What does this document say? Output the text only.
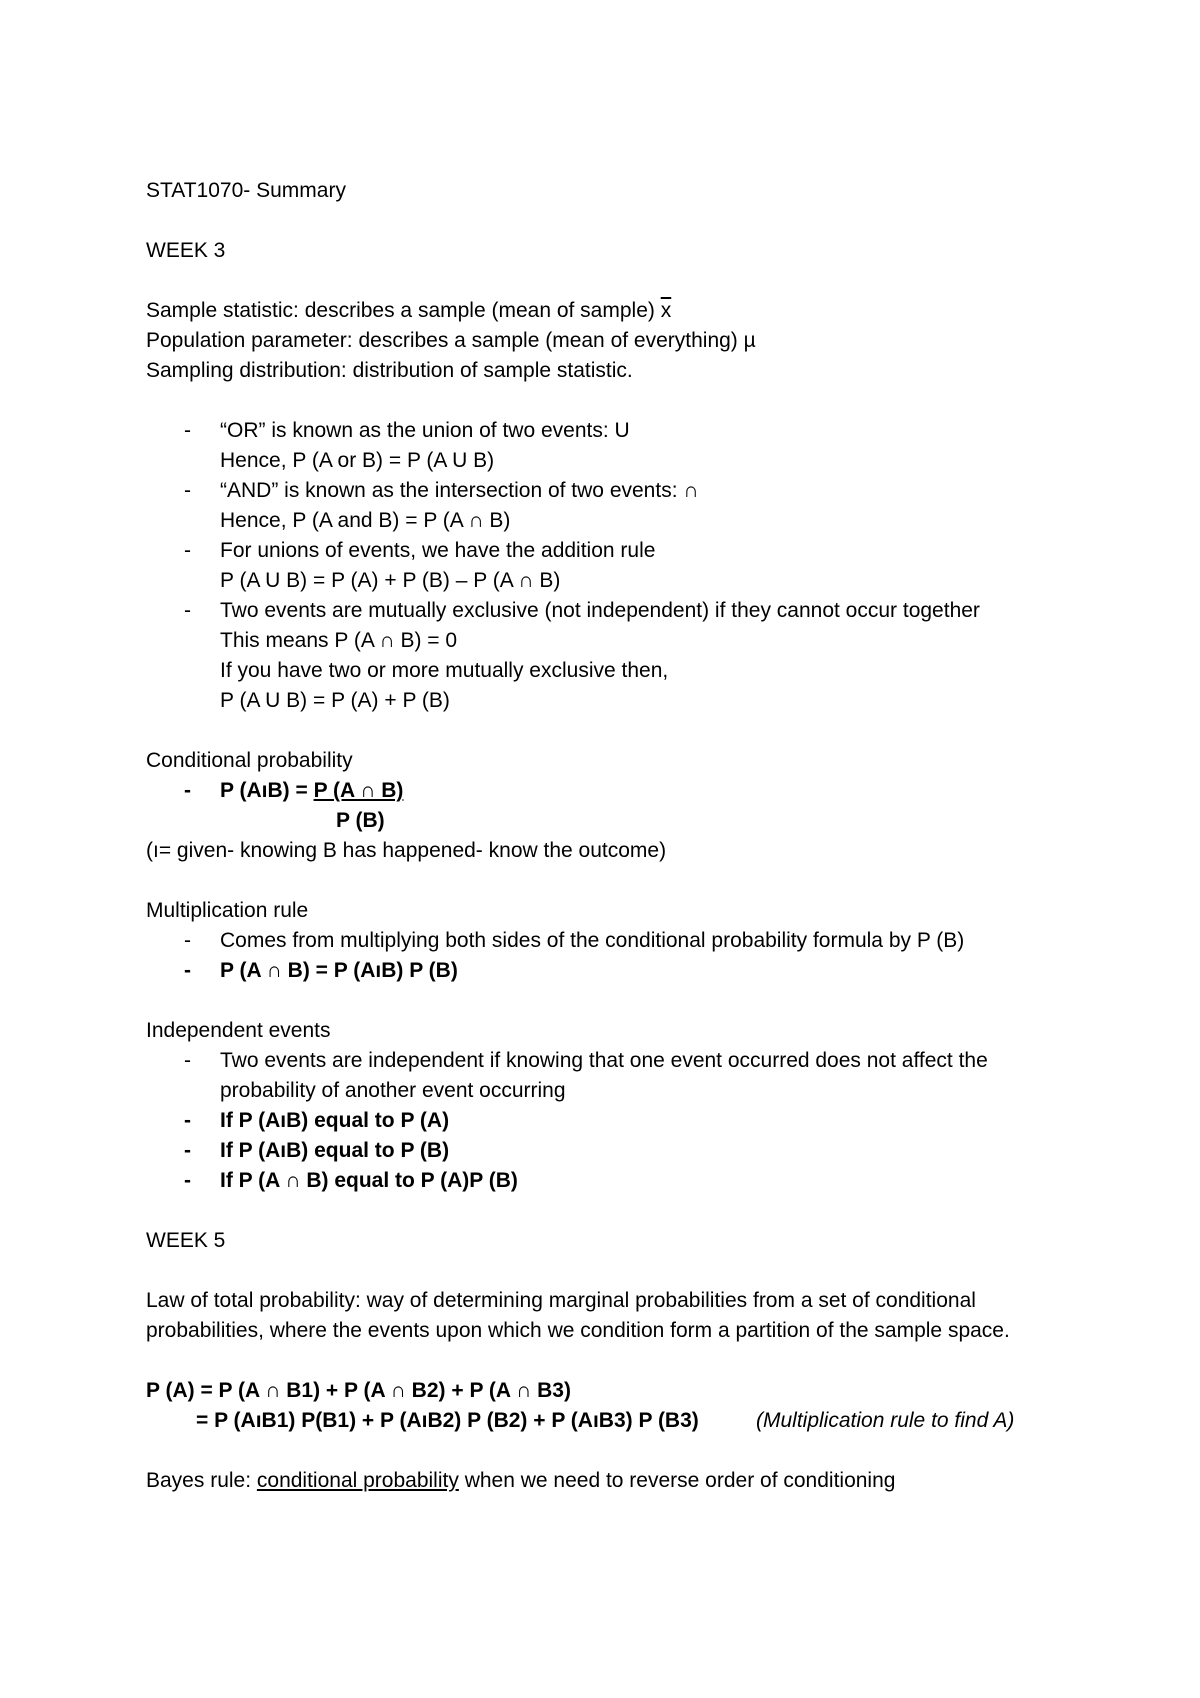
STAT1070- Summary
WEEK 3
Sample statistic: describes a sample (mean of sample) $\overline{x}$
Population parameter: describes a sample (mean of everything) µ
Sampling distribution: distribution of sample statistic.
- “OR” is known as the union of two events: U
Hence, P (A or B) = P (A U B)
- “AND” is known as the intersection of two events: ∩
Hence, P (A and B) = P (A ∩ B)
- For unions of events, we have the addition rule
P (A U B) = P (A) + P (B) – P (A ∩ B)
- Two events are mutually exclusive (not independent) if they cannot occur together
This means P (A ∩ B) = 0
If you have two or more mutually exclusive then,
P (A U B) = P (A) + P (B)
Conditional probability
- P (AıB) = P (A ∩ B)
P (B)
(ı= given- knowing B has happened- know the outcome)
Multiplication rule
- Comes from multiplying both sides of the conditional probability formula by P (B)
- P (A ∩ B) = P (AıB) P (B)
Independent events
- Two events are independent if knowing that one event occurred does not affect the probability of another event occurring
- If P (AıB) equal to P (A)
- If P (AıB) equal to P (B)
- If P (A ∩ B) equal to P (A)P (B)
WEEK 5
Law of total probability: way of determining marginal probabilities from a set of conditional probabilities, where the events upon which we condition form a partition of the sample space.
P (A) = P (A ∩ B1) + P (A ∩ B2) + P (A ∩ B3)
= P (AıB1) P(B1) + P (AıB2) P (B2) + P (AıB3) P (B3)	(Multiplication rule to find A)
Bayes rule: conditional probability when we need to reverse order of conditioning
